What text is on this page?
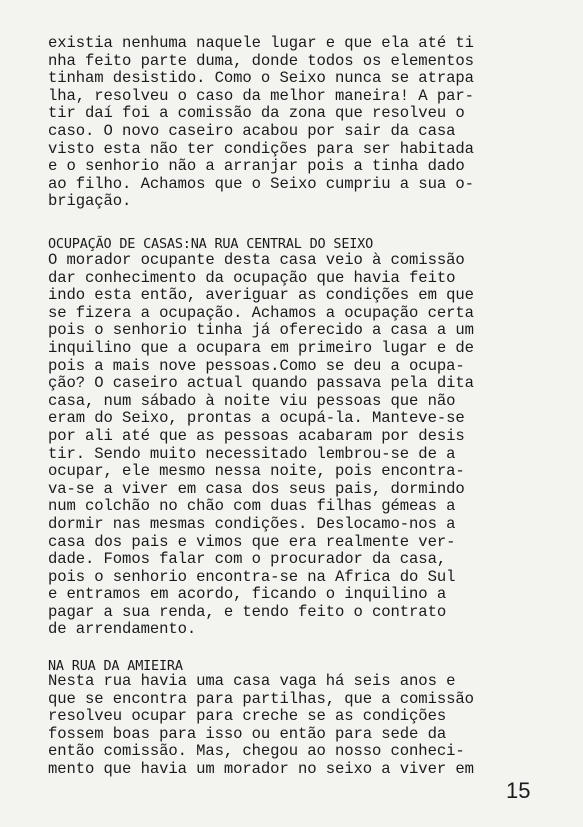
existia nenhuma naquele lugar e que ela até ti
nha feito parte duma, donde todos os elementos
tinham desistido. Como o Seixo nunca se atrapa
lha, resolveu o caso da melhor maneira! A par-
tir daí foi a comissão da zona que resolveu o
caso. O novo caseiro acabou por sair da casa
visto esta não ter condições para ser habitada
e o senhorio não a arranjar pois a tinha dado
ao filho. Achamos que o Seixo cumpriu a sua o-
brigação.
OCUPAÇÃO DE CASAS:NA RUA CENTRAL DO SEIXO
O morador ocupante desta casa veio à comissão
dar conhecimento da ocupação que havia feito
indo esta então, averiguar as condições em que
se fizera a ocupação. Achamos a ocupação certa
pois o senhorio tinha já oferecido a casa a um
inquilino que a ocupara em primeiro lugar e de
pois a mais nove pessoas.Como se deu a ocupa-
ção? O caseiro actual quando passava pela dita
casa, num sábado à noite viu pessoas que não
eram do Seixo, prontas a ocupá-la. Manteve-se
por ali até que as pessoas acabaram por desis
tir. Sendo muito necessitado lembrou-se de a
ocupar, ele mesmo nessa noite, pois encontra-
va-se a viver em casa dos seus pais, dormindo
num colchão no chão com duas filhas gémeas a
dormir nas mesmas condições. Deslocamo-nos a
casa dos pais e vimos que era realmente ver-
dade. Fomos falar com o procurador da casa,
pois o senhorio encontra-se na Africa do Sul
e entramos em acordo, ficando o inquilino a
pagar a sua renda, e tendo feito o contrato
de arrendamento.
NA RUA DA AMIEIRA
Nesta rua havia uma casa vaga há seis anos e
que se encontra para partilhas, que a comissão
resolveu ocupar para creche se as condições
fossem boas para isso ou então para sede da
então comissão. Mas, chegou ao nosso conheci-
mento que havia um morador no seixo a viver em
15
